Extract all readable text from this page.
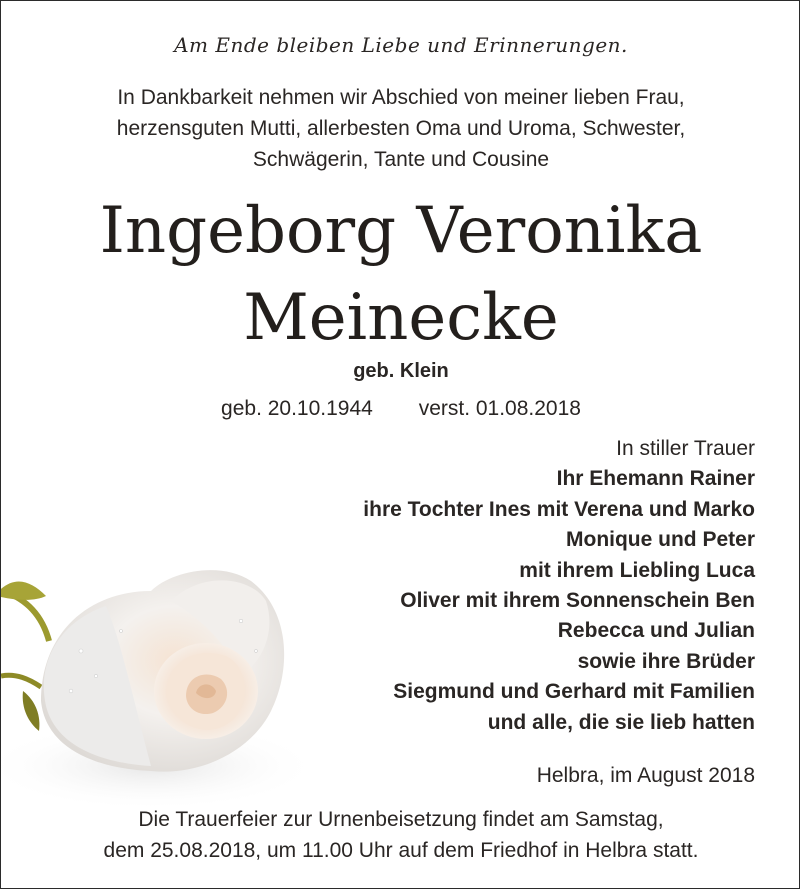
Am Ende bleiben Liebe und Erinnerungen.
In Dankbarkeit nehmen wir Abschied von meiner lieben Frau,
herzensguten Mutti, allerbesten Oma und Uroma, Schwester,
Schwägerin, Tante und Cousine
Ingeborg Veronika
Meinecke
geb. Klein
geb. 20.10.1944 verst. 01.08.2018
In stiller Trauer
Ihr Ehemann Rainer
ihre Tochter Ines mit Verena und Marko
Monique und Peter
mit ihrem Liebling Luca
Oliver mit ihrem Sonnenschein Ben
Rebecca und Julian
sowie ihre Brüder
Siegmund und Gerhard mit Familien
und alle, die sie lieb hatten
Helbra, im August 2018
Die Trauerfeier zur Urnenbeisetzung findet am Samstag,
dem 25.08.2018, um 11.00 Uhr auf dem Friedhof in Helbra statt.
